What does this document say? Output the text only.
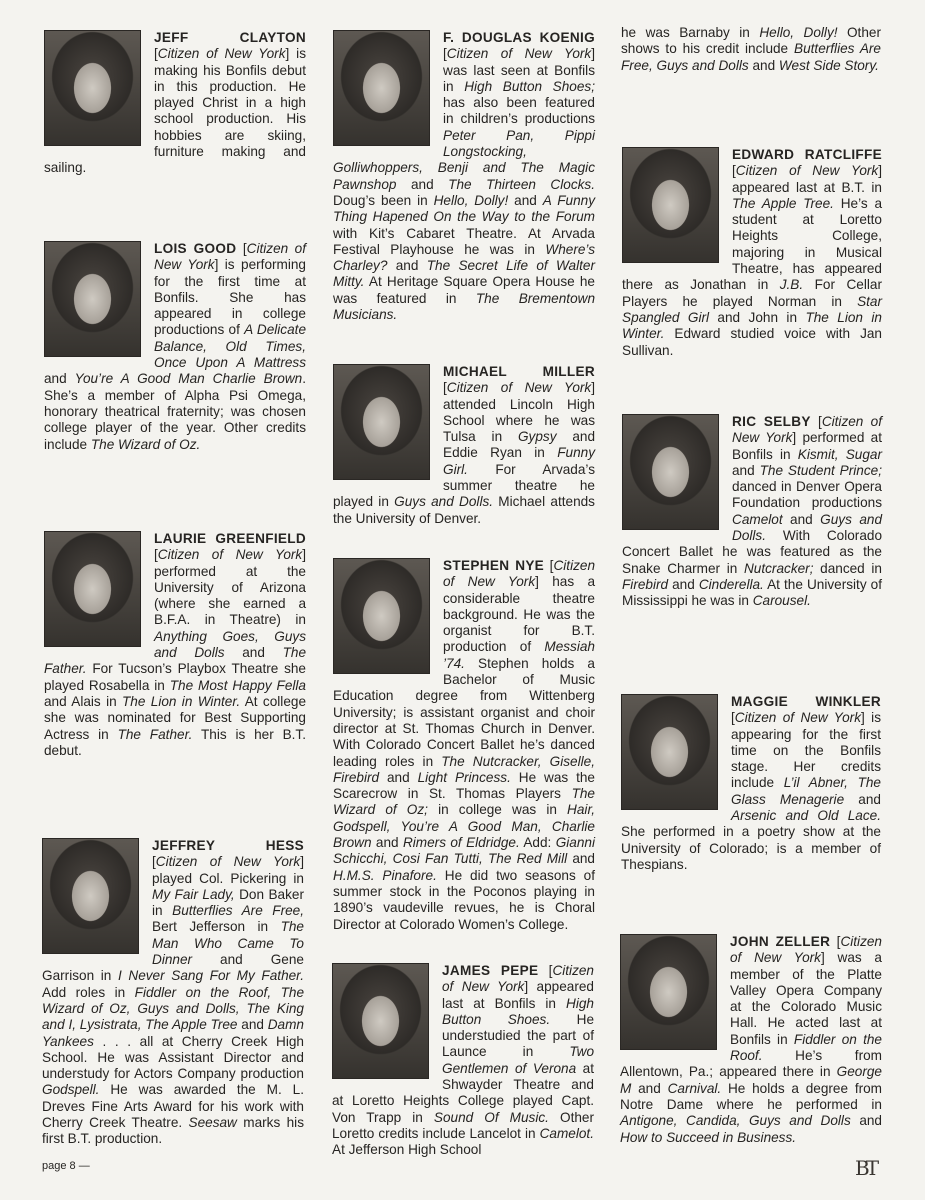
JEFF CLAYTON [Citizen of New York] is making his Bonfils debut in this production. He played Christ in a high school production. His hobbies are skiing, furniture making and sailing.

LOIS GOOD [Citizen of New York] is performing for the first time at Bonfils. She has appeared in college productions of A Delicate Balance, Old Times, Once Upon A Mattress and You’re A Good Man Charlie Brown. She’s a member of Alpha Psi Omega, honorary theatrical fraternity; was chosen college player of the year. Other credits include The Wizard of Oz.

LAURIE GREENFIELD [Citizen of New York] performed at the University of Arizona (where she earned a B.F.A. in Theatre) in Anything Goes, Guys and Dolls and The Father. For Tucson’s Playbox Theatre she played Rosabella in The Most Happy Fella and Alais in The Lion in Winter. At college she was nominated for Best Supporting Actress in The Father. This is her B.T. debut.

JEFFREY HESS [Citizen of New York] played Col. Pickering in My Fair Lady, Don Baker in Butterflies Are Free, Bert Jefferson in The Man Who Came To Dinner and Gene Garrison in I Never Sang For My Father. Add roles in Fiddler on the Roof, The Wizard of Oz, Guys and Dolls, The King and I, Lysistrata, The Apple Tree and Damn Yankees . . . all at Cherry Creek High School. He was Assistant Director and understudy for Actors Company production Godspell. He was awarded the M. L. Dreves Fine Arts Award for his work with Cherry Creek Theatre. Seesaw marks his first B.T. production.

F. DOUGLAS KOENIG [Citizen of New York] was last seen at Bonfils in High Button Shoes; has also been featured in children’s productions Peter Pan, Pippi Longstocking, Golliwhoppers, Benji and The Magic Pawnshop and The Thirteen Clocks. Doug’s been in Hello, Dolly! and A Funny Thing Hapened On the Way to the Forum with Kit’s Cabaret Theatre. At Arvada Festival Playhouse he was in Where’s Charley? and The Secret Life of Walter Mitty. At Heritage Square Opera House he was featured in The Brementown Musicians.

MICHAEL MILLER [Citizen of New York] attended Lincoln High School where he was Tulsa in Gypsy and Eddie Ryan in Funny Girl. For Arvada’s summer theatre he played in Guys and Dolls. Michael attends the University of Denver.

STEPHEN NYE [Citizen of New York] has a considerable theatre background. He was the organist for B.T. production of Messiah ’74. Stephen holds a Bachelor of Music Education degree from Wittenberg University; is assistant organist and choir director at St. Thomas Church in Denver. With Colorado Concert Ballet he’s danced leading roles in The Nutcracker, Giselle, Firebird and Light Princess. He was the Scarecrow in St. Thomas Players The Wizard of Oz; in college was in Hair, Godspell, You’re A Good Man, Charlie Brown and Rimers of Eldridge. Add: Gianni Schicchi, Cosi Fan Tutti, The Red Mill and H.M.S. Pinafore. He did two seasons of summer stock in the Poconos playing in 1890’s vaudeville revues, he is Choral Director at Colorado Women’s College.

JAMES PEPE [Citizen of New York] appeared last at Bonfils in High Button Shoes. He understudied the part of Launce in Two Gentlemen of Verona at Shwayder Theatre and at Loretto Heights College played Capt. Von Trapp in Sound Of Music. Other Loretto credits include Lancelot in Camelot. At Jefferson High School

he was Barnaby in Hello, Dolly! Other shows to his credit include Butterflies Are Free, Guys and Dolls and West Side Story.

EDWARD RATCLIFFE [Citizen of New York] appeared last at B.T. in The Apple Tree. He’s a student at Loretto Heights College, majoring in Musical Theatre, has appeared there as Jonathan in J.B. For Cellar Players he played Norman in Star Spangled Girl and John in The Lion in Winter. Edward studied voice with Jan Sullivan.

RIC SELBY [Citizen of New York] performed at Bonfils in Kismit, Sugar and The Student Prince; danced in Denver Opera Foundation productions Camelot and Guys and Dolls. With Colorado Concert Ballet he was featured as the Snake Charmer in Nutcracker; danced in Firebird and Cinderella. At the University of Mississippi he was in Carousel.

MAGGIE WINKLER [Citizen of New York] is appearing for the first time on the Bonfils stage. Her credits include L’il Abner, The Glass Menagerie and Arsenic and Old Lace. She performed in a poetry show at the University of Colorado; is a member of Thespians.

JOHN ZELLER [Citizen of New York] was a member of the Platte Valley Opera Company at the Colorado Music Hall. He acted last at Bonfils in Fiddler on the Roof. He’s from Allentown, Pa.; appeared there in George M and Carnival. He holds a degree from Notre Dame where he performed in Antigone, Candida, Guys and Dolls and How to Succeed in Business.

page 8 —	BT
